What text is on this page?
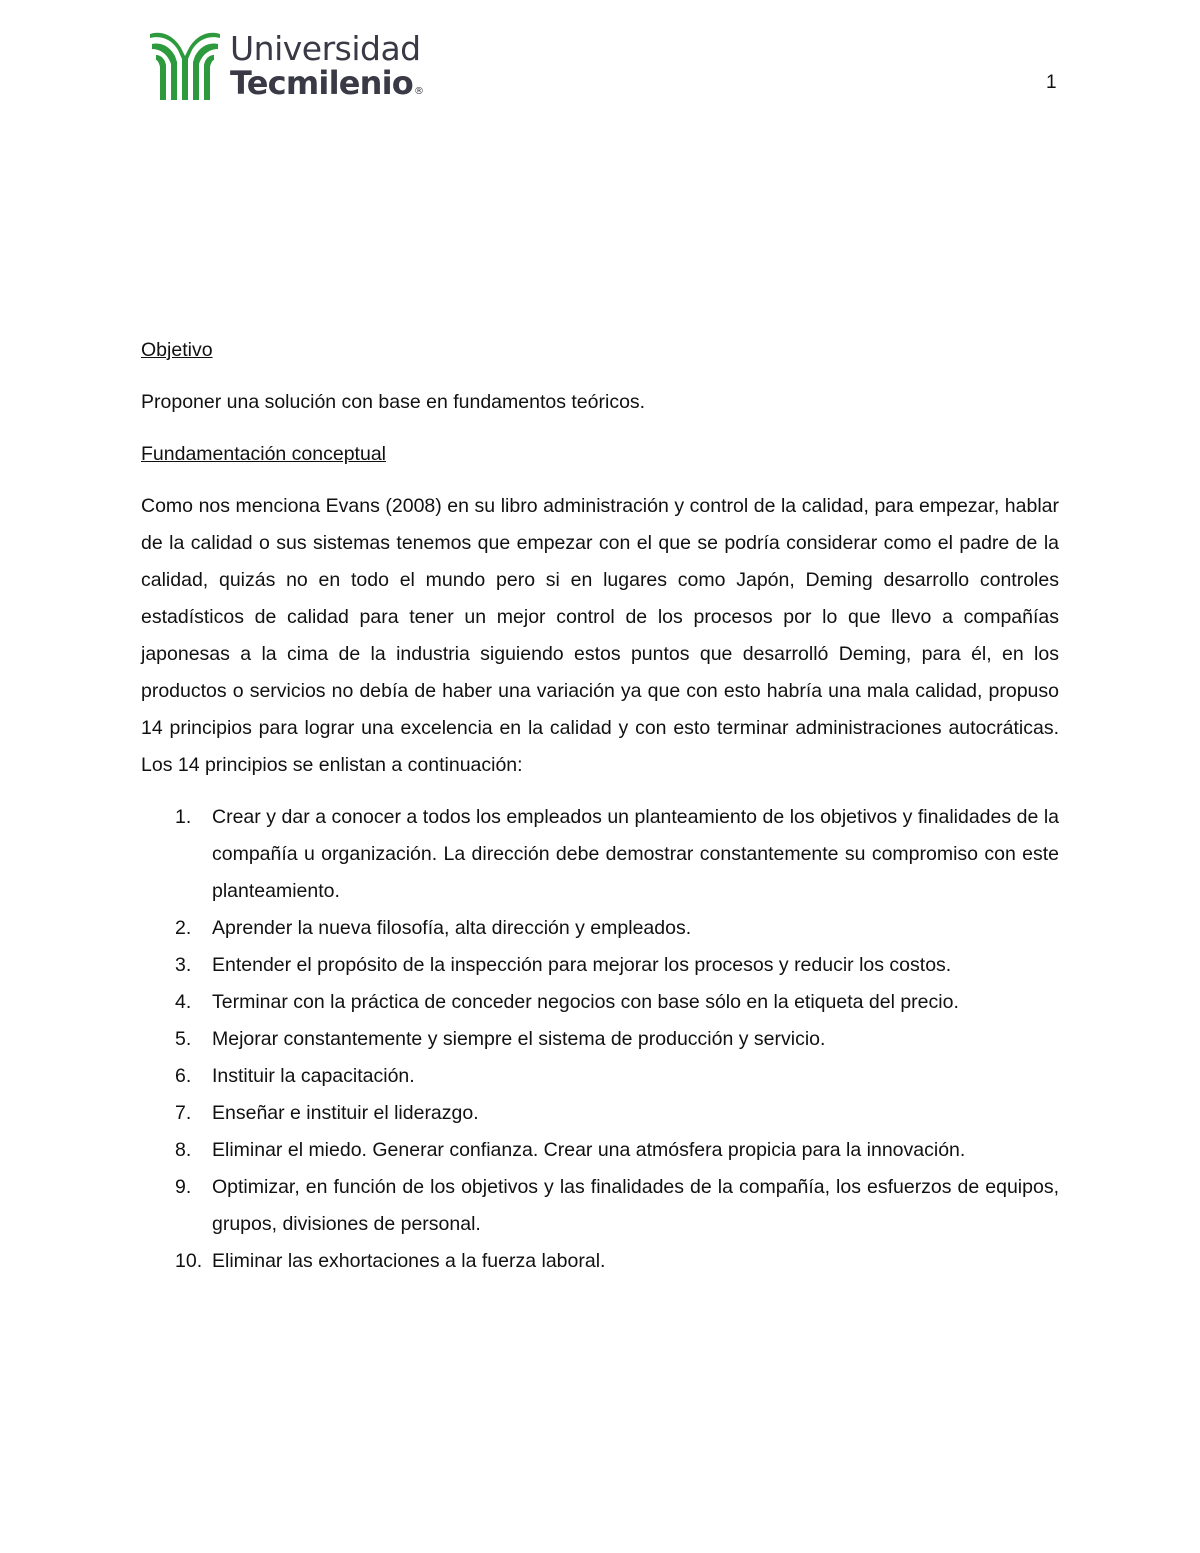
Universidad
Tecmilenio®	1
Objetivo

Proponer una solución con base en fundamentos teóricos.

Fundamentación conceptual

Como nos menciona Evans (2008) en su libro administración y control de la calidad, para empezar, hablar de la calidad o sus sistemas tenemos que empezar con el que se podría considerar como el padre de la calidad, quizás no en todo el mundo pero si en lugares como Japón, Deming desarrollo controles estadísticos de calidad para tener un mejor control de los procesos por lo que llevo a compañías japonesas a la cima de la industria siguiendo estos puntos que desarrolló Deming, para él, en los productos o servicios no debía de haber una variación ya que con esto habría una mala calidad, propuso 14 principios para lograr una excelencia en la calidad y con esto terminar administraciones autocráticas. Los 14 principios se enlistan a continuación:

1.	Crear y dar a conocer a todos los empleados un planteamiento de los objetivos y finalidades de la compañía u organización. La dirección debe demostrar constantemente su compromiso con este planteamiento.
2.	Aprender la nueva filosofía, alta dirección y empleados.
3.	Entender el propósito de la inspección para mejorar los procesos y reducir los costos.
4.	Terminar con la práctica de conceder negocios con base sólo en la etiqueta del precio.
5.	Mejorar constantemente y siempre el sistema de producción y servicio.
6.	Instituir la capacitación.
7.	Enseñar e instituir el liderazgo.
8.	Eliminar el miedo. Generar confianza. Crear una atmósfera propicia para la innovación.
9.	Optimizar, en función de los objetivos y las finalidades de la compañía, los esfuerzos de equipos, grupos, divisiones de personal.
10. Eliminar las exhortaciones a la fuerza laboral.
